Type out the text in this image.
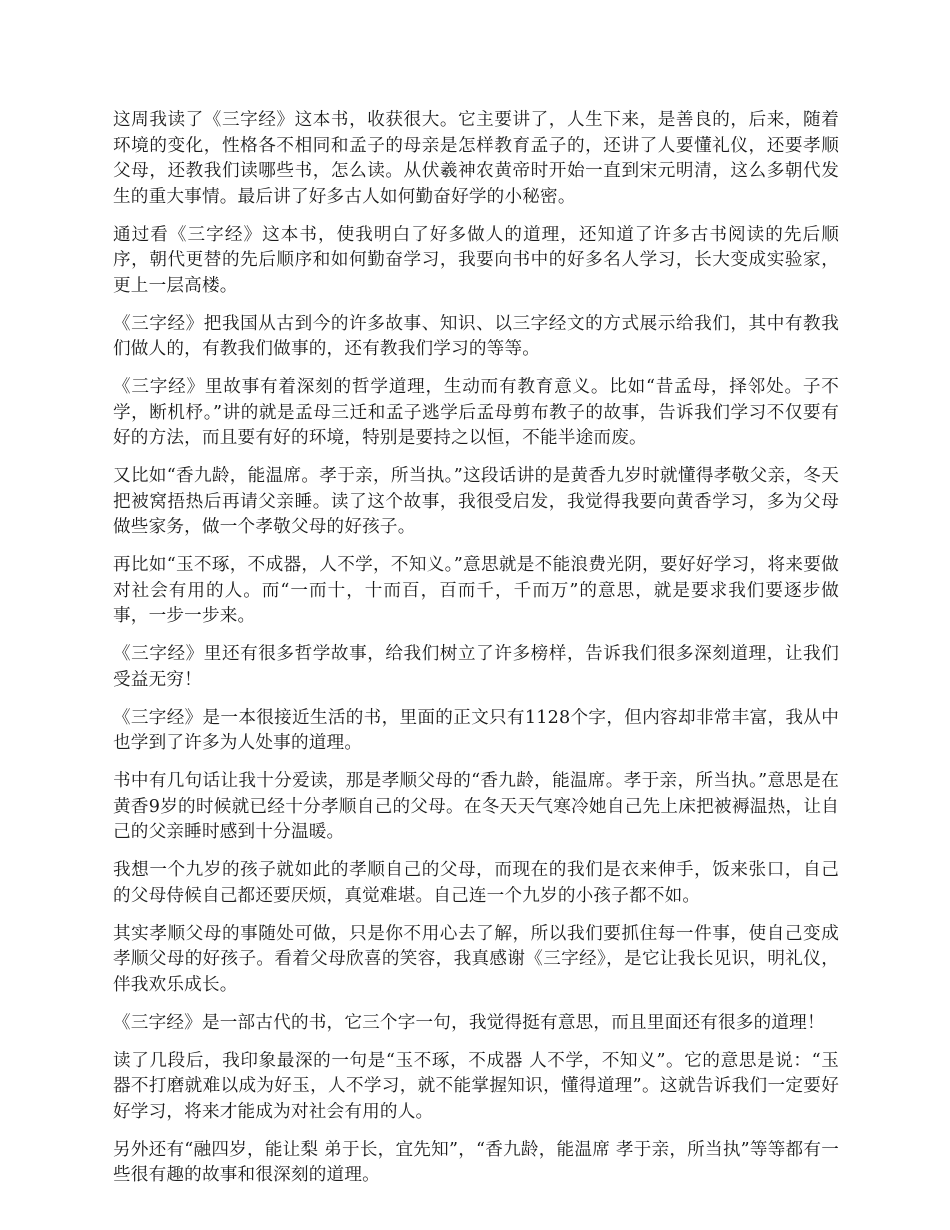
这周我读了《三字经》这本书，收获很大。它主要讲了，人生下来，是善良的，后来，随着环境的变化，性格各不相同和孟子的母亲是怎样教育孟子的，还讲了人要懂礼仪，还要孝顺父母，还教我们读哪些书，怎么读。从伏羲神农黄帝时开始一直到宋元明清，这么多朝代发生的重大事情。最后讲了好多古人如何勤奋好学的小秘密。

通过看《三字经》这本书，使我明白了好多做人的道理，还知道了许多古书阅读的先后顺序，朝代更替的先后顺序和如何勤奋学习，我要向书中的好多名人学习，长大变成实验家，更上一层高楼。

《三字经》把我国从古到今的许多故事、知识、以三字经文的方式展示给我们，其中有教我们做人的，有教我们做事的，还有教我们学习的等等。

《三字经》里故事有着深刻的哲学道理，生动而有教育意义。比如“昔孟母，择邻处。子不学，断机杼。”讲的就是孟母三迁和孟子逃学后孟母剪布教子的故事，告诉我们学习不仅要有好的方法，而且要有好的环境，特别是要持之以恒，不能半途而废。

又比如“香九龄，能温席。孝于亲，所当执。”这段话讲的是黄香九岁时就懂得孝敬父亲，冬天把被窝捂热后再请父亲睡。读了这个故事，我很受启发，我觉得我要向黄香学习，多为父母做些家务，做一个孝敬父母的好孩子。

再比如“玉不琢，不成器，人不学，不知义。”意思就是不能浪费光阴，要好好学习，将来要做对社会有用的人。而“一而十，十而百，百而千，千而万”的意思，就是要求我们要逐步做事，一步一步来。

《三字经》里还有很多哲学故事，给我们树立了许多榜样，告诉我们很多深刻道理，让我们受益无穷！

《三字经》是一本很接近生活的书，里面的正文只有1128个字，但内容却非常丰富，我从中也学到了许多为人处事的道理。

书中有几句话让我十分爱读，那是孝顺父母的“香九龄，能温席。孝于亲，所当执。”意思是在黄香9岁的时候就已经十分孝顺自己的父母。在冬天天气寒冷她自己先上床把被褥温热，让自己的父亲睡时感到十分温暖。

我想一个九岁的孩子就如此的孝顺自己的父母，而现在的我们是衣来伸手，饭来张口，自己的父母侍候自己都还要厌烦，真觉难堪。自己连一个九岁的小孩子都不如。

其实孝顺父母的事随处可做，只是你不用心去了解，所以我们要抓住每一件事，使自己变成孝顺父母的好孩子。看着父母欣喜的笑容，我真感谢《三字经》，是它让我长见识，明礼仪，伴我欢乐成长。

《三字经》是一部古代的书，它三个字一句，我觉得挺有意思，而且里面还有很多的道理！

读了几段后，我印象最深的一句是“玉不琢，不成器 人不学，不知义”。它的意思是说：“玉器不打磨就难以成为好玉，人不学习，就不能掌握知识，懂得道理”。这就告诉我们一定要好好学习，将来才能成为对社会有用的人。

另外还有“融四岁，能让梨 弟于长，宜先知”，“香九龄，能温席 孝于亲，所当执”等等都有一些很有趣的故事和很深刻的道理。
